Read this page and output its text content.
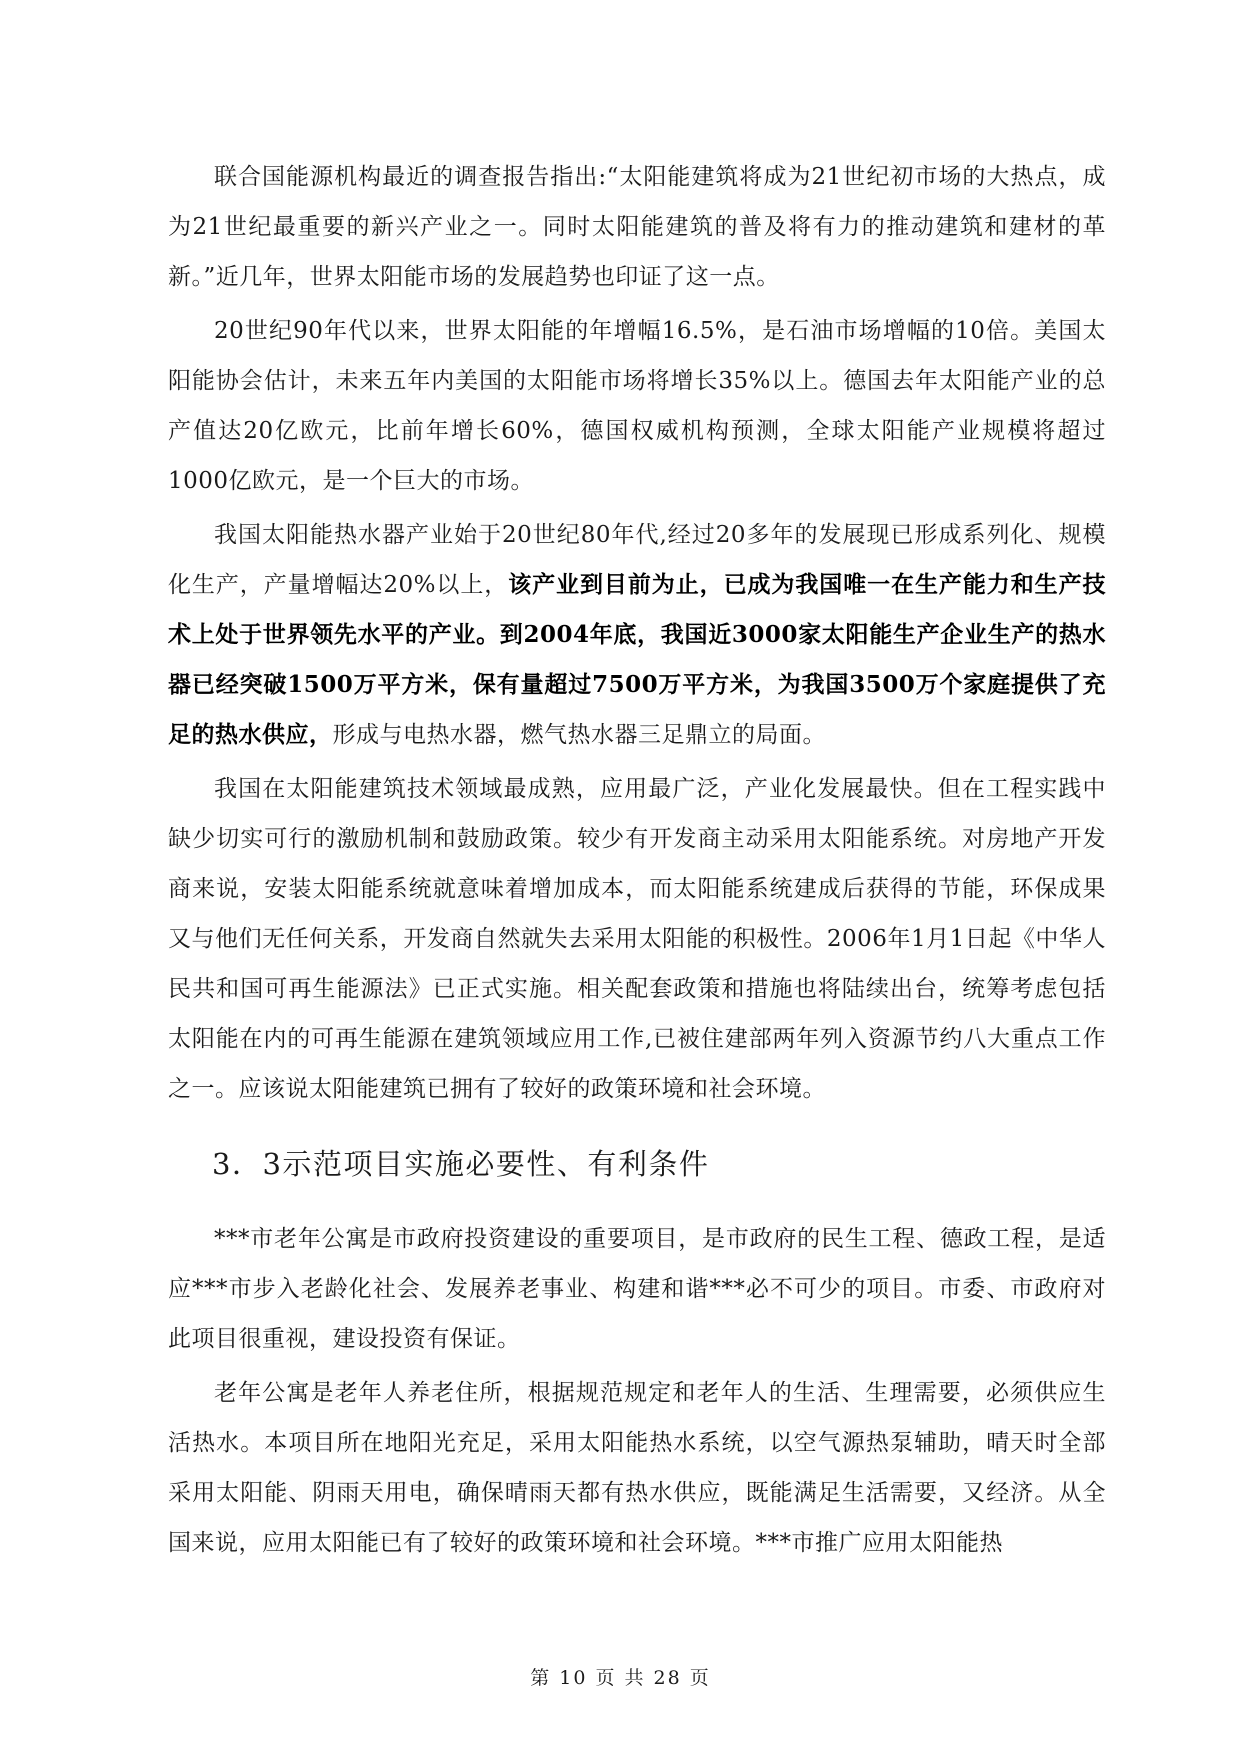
联合国能源机构最近的调查报告指出:“太阳能建筑将成为21世纪初市场的大热点，成为21世纪最重要的新兴产业之一。同时太阳能建筑的普及将有力的推动建筑和建材的革新。”近几年，世界太阳能市场的发展趋势也印证了这一点。

20世纪90年代以来，世界太阳能的年增幅16.5%，是石油市场增幅的10倍。美国太阳能协会估计，未来五年内美国的太阳能市场将增长35%以上。德国去年太阳能产业的总产值达20亿欧元，比前年增长60%，德国权威机构预测，全球太阳能产业规模将超过1000亿欧元，是一个巨大的市场。

我国太阳能热水器产业始于20世纪80年代,经过20多年的发展现已形成系列化、规模化生产，产量增幅达20%以上，该产业到目前为止，已成为我国唯一在生产能力和生产技术上处于世界领先水平的产业。到2004年底，我国近3000家太阳能生产企业生产的热水器已经突破1500万平方米，保有量超过7500万平方米，为我国3500万个家庭提供了充足的热水供应，形成与电热水器，燃气热水器三足鼎立的局面。

我国在太阳能建筑技术领域最成熟，应用最广泛，产业化发展最快。但在工程实践中缺少切实可行的激励机制和鼓励政策。较少有开发商主动采用太阳能系统。对房地产开发商来说，安装太阳能系统就意味着增加成本，而太阳能系统建成后获得的节能，环保成果又与他们无任何关系，开发商自然就失去采用太阳能的积极性。2006年1月1日起《中华人民共和国可再生能源法》已正式实施。相关配套政策和措施也将陆续出台，统筹考虑包括太阳能在内的可再生能源在建筑领域应用工作,已被住建部两年列入资源节约八大重点工作之一。应该说太阳能建筑已拥有了较好的政策环境和社会环境。

3．3示范项目实施必要性、有利条件

***市老年公寓是市政府投资建设的重要项目，是市政府的民生工程、德政工程，是适应***市步入老龄化社会、发展养老事业、构建和谐***必不可少的项目。市委、市政府对此项目很重视，建设投资有保证。

老年公寓是老年人养老住所，根据规范规定和老年人的生活、生理需要，必须供应生活热水。本项目所在地阳光充足，采用太阳能热水系统，以空气源热泵辅助，晴天时全部采用太阳能、阴雨天用电，确保晴雨天都有热水供应，既能满足生活需要，又经济。从全国来说，应用太阳能已有了较好的政策环境和社会环境。***市推广应用太阳能热

第 10 页 共 28 页
